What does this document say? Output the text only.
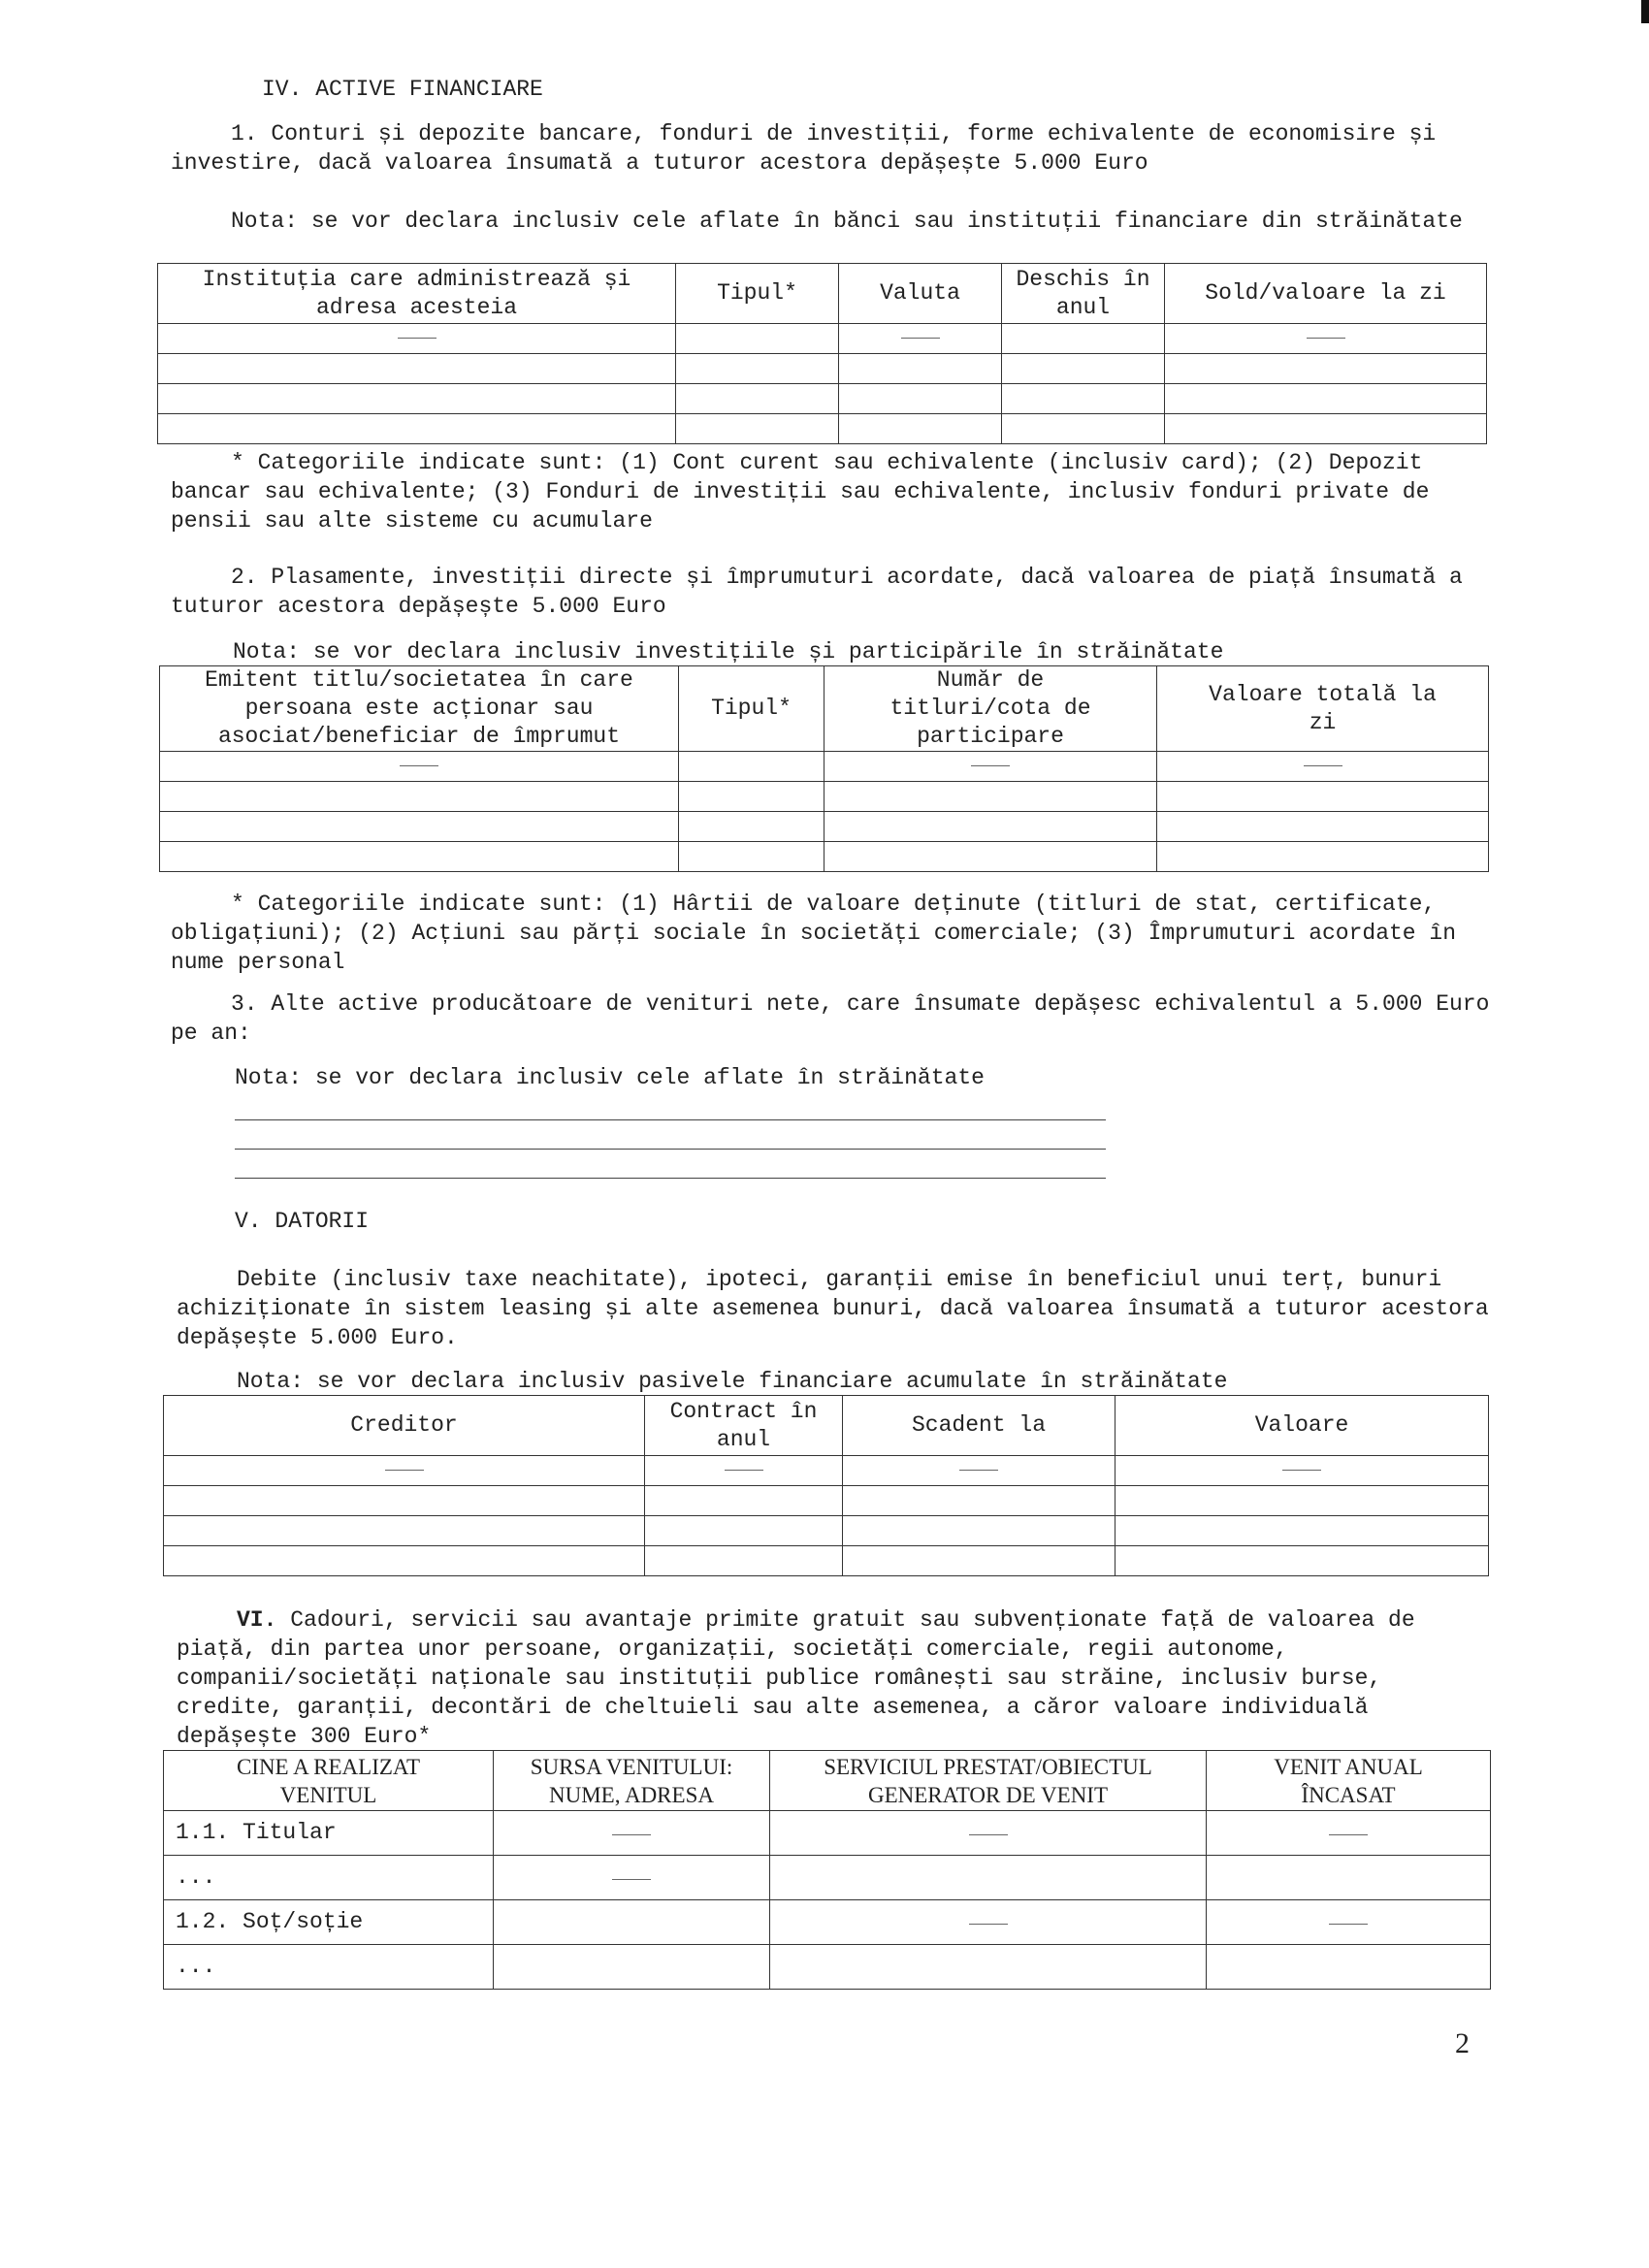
IV. ACTIVE FINANCIARE
1. Conturi și depozite bancare, fonduri de investiții, forme echivalente de economisire și investire, dacă valoarea însumată a tuturor acestora depășește 5.000 Euro
Nota: se vor declara inclusiv cele aflate în bănci sau instituții financiare din străinătate
Instituția care administrează și adresa acesteia	Tipul*	Valuta	Deschis în anul	Sold/valoare la zi

* Categoriile indicate sunt: (1) Cont curent sau echivalente (inclusiv card); (2) Depozit bancar sau echivalente; (3) Fonduri de investiții sau echivalente, inclusiv fonduri private de pensii sau alte sisteme cu acumulare
2. Plasamente, investiții directe și împrumuturi acordate, dacă valoarea de piață însumată a tuturor acestora depășește 5.000 Euro
Nota: se vor declara inclusiv investițiile și participările în străinătate
Emitent titlu/societatea în care persoana este acționar sau asociat/beneficiar de împrumut	Tipul*	Număr de titluri/cota de participare	Valoare totală la zi

* Categoriile indicate sunt: (1) Hârtii de valoare deținute (titluri de stat, certificate, obligațiuni); (2) Acțiuni sau părți sociale în societăți comerciale; (3) Împrumuturi acordate în nume personal
3. Alte active producătoare de venituri nete, care însumate depășesc echivalentul a 5.000 Euro pe an:
Nota: se vor declara inclusiv cele aflate în străinătate
V. DATORII
Debite (inclusiv taxe neachitate), ipoteci, garanții emise în beneficiul unui terț, bunuri achiziționate în sistem leasing și alte asemenea bunuri, dacă valoarea însumată a tuturor acestora depășește 5.000 Euro.
Nota: se vor declara inclusiv pasivele financiare acumulate în străinătate
Creditor	Contract în anul	Scadent la	Valoare

VI. Cadouri, servicii sau avantaje primite gratuit sau subvenționate față de valoarea de piață, din partea unor persoane, organizații, societăți comerciale, regii autonome, companii/societăți naționale sau instituții publice românești sau străine, inclusiv burse, credite, garanții, decontări de cheltuieli sau alte asemenea, a căror valoare individuală depășește 300 Euro*
CINE A REALIZAT VENITUL	SURSA VENITULUI: NUME, ADRESA	SERVICIUL PRESTAT/OBIECTUL GENERATOR DE VENIT	VENIT ANUAL ÎNCASAT
1.1. Titular			
...			
1.2. Soț/soție			
...			
2
